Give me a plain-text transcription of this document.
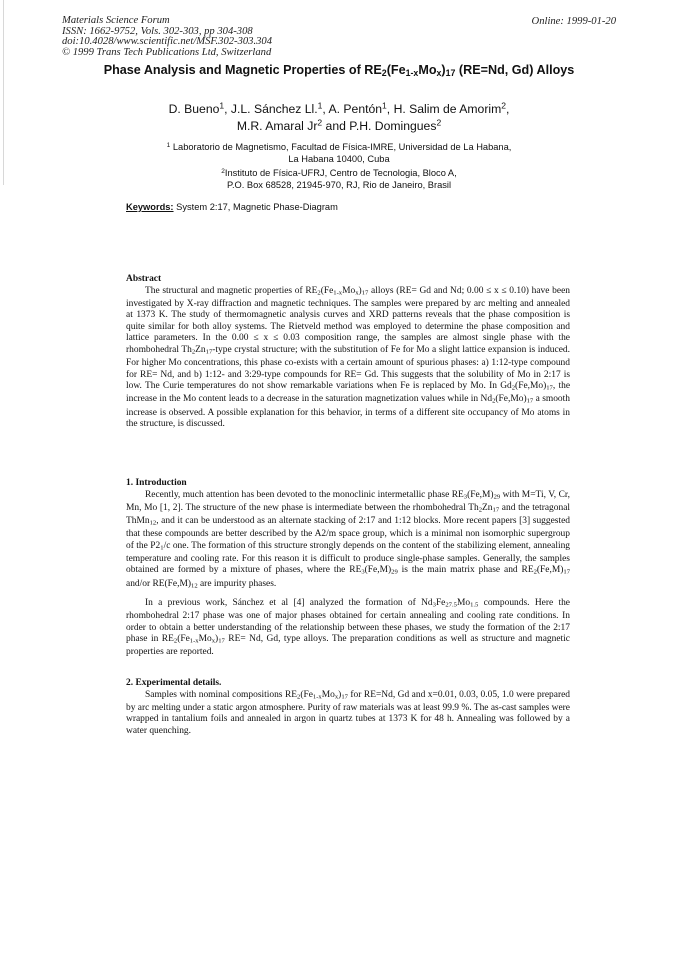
Materials Science Forum
ISSN: 1662-9752, Vols. 302-303, pp 304-308
doi:10.4028/www.scientific.net/MSF.302-303.304
© 1999 Trans Tech Publications Ltd, Switzerland
Online: 1999-01-20
Phase Analysis and Magnetic Properties of $RE_2(Fe_{1-x}Mo_x)_{17}$ (RE=Nd, Gd) Alloys
D. Bueno$^1$, J.L. Sánchez Ll.$^1$, A. Pentón$^1$, H. Salim de Amorim$^2$,
M.R. Amaral Jr$^2$ and P.H. Domingues$^2$
$^1$ Laboratorio de Magnetismo, Facultad de Física-IMRE, Universidad de La Habana,
La Habana 10400, Cuba
$^2$Instituto de Física-UFRJ, Centro de Tecnologia, Bloco A,
P.O. Box 68528, 21945-970, RJ, Rio de Janeiro, Brasil
Keywords: System 2:17, Magnetic Phase-Diagram
Abstract

The structural and magnetic properties of $RE_2(Fe_{1-x}Mo_x)_{17}$ alloys (RE= Gd and Nd; 0.00 ≤ x ≤ 0.10) have been investigated by X-ray diffraction and magnetic techniques. The samples were prepared by arc melting and annealed at 1373 K. The study of thermomagnetic analysis curves and XRD patterns reveals that the phase composition is quite similar for both alloy systems. The Rietveld method was employed to determine the phase composition and lattice parameters. In the 0.00 ≤ x ≤ 0.03 composition range, the samples are almost single phase with the rhombohedral $Th_2Zn_{17}$-type crystal structure; with the substitution of Fe for Mo a slight lattice expansion is induced. For higher Mo concentrations, this phase co-exists with a certain amount of spurious phases: a) 1:12-type compound for RE= Nd, and b) 1:12- and 3:29-type compounds for RE= Gd. This suggests that the solubility of Mo in 2:17 is low. The Curie temperatures do not show remarkable variations when Fe is replaced by Mo. In $Gd_2(Fe,Mo)_{17}$, the increase in the Mo content leads to a decrease in the saturation magnetization values while in $Nd_2(Fe,Mo)_{17}$ a smooth increase is observed. A possible explanation for this behavior, in terms of a different site occupancy of Mo atoms in the structure, is discussed.

1. Introduction

Recently, much attention has been devoted to the monoclinic intermetallic phase $RE_3(Fe,M)_{29}$ with M=Ti, V, Cr, Mn, Mo [1, 2]. The structure of the new phase is intermediate between the rhombohedral $Th_2Zn_{17}$ and the tetragonal ThMn$_{12}$, and it can be understood as an alternate stacking of 2:17 and 1:12 blocks. More recent papers [3] suggested that these compounds are better described by the A2/m space group, which is a minimal non isomorphic supergroup of the $P2_1/c$ one. The formation of this structure strongly depends on the content of the stabilizing element, annealing temperature and cooling rate. For this reason it is difficult to produce single-phase samples. Generally, the samples obtained are formed by a mixture of phases, where the $RE_3(Fe,M)_{29}$ is the main matrix phase and $RE_2(Fe,M)_{17}$ and/or $RE(Fe,M)_{12}$ are impurity phases.

In a previous work, Sánchez et al [4] analyzed the formation of $Nd_3Fe_{27.5}Mo_{1.5}$ compounds. Here the rhombohedral 2:17 phase was one of major phases obtained for certain annealing and cooling rate conditions. In order to obtain a better understanding of the relationship between these phases, we study the formation of the 2:17 phase in $RE_2(Fe_{1-x}Mo_x)_{17}$ RE= Nd, Gd, type alloys. The preparation conditions as well as structure and magnetic properties are reported.

2. Experimental details.

Samples with nominal compositions $RE_2(Fe_{1-x}Mo_x)_{17}$ for RE=Nd, Gd and x=0.01, 0.03, 0.05, 1.0 were prepared by arc melting under a static argon atmosphere. Purity of raw materials was at least 99.9 %. The as-cast samples were wrapped in tantalium foils and annealed in argon in quartz tubes at 1373 K for 48 h. Annealing was followed by a water quenching.
